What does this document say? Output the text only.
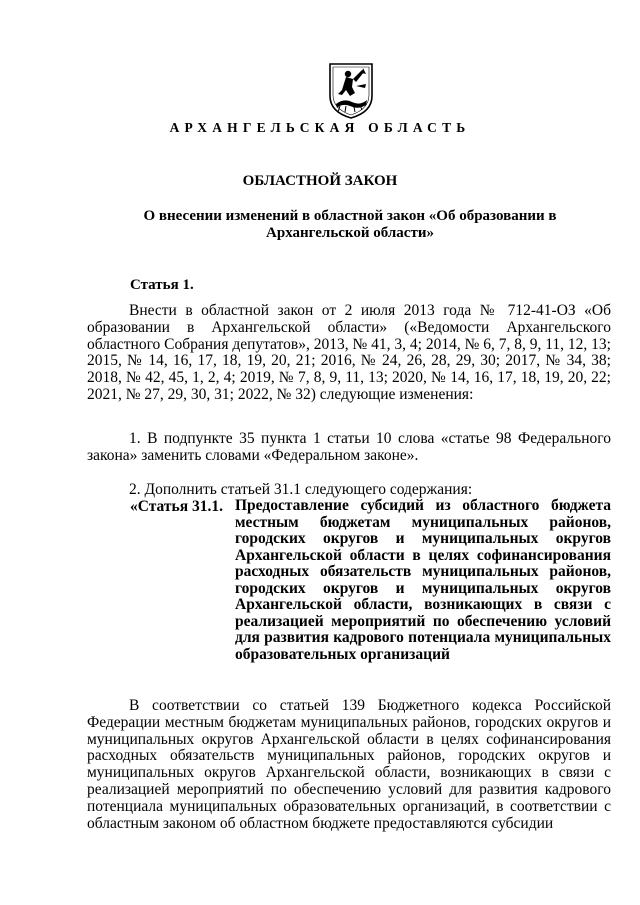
АРХАНГЕЛЬСКАЯ ОБЛАСТЬ
ОБЛАСТНОЙ ЗАКОН
О внесении изменений в областной закон «Об образовании в Архангельской области»
Статья 1.
Внести в областной закон от 2 июля 2013 года № 712-41-ОЗ «Об образовании в Архангельской области» («Ведомости Архангельского областного Собрания депутатов», 2013, № 41, 3, 4; 2014, № 6, 7, 8, 9, 11, 12, 13; 2015, № 14, 16, 17, 18, 19, 20, 21; 2016, № 24, 26, 28, 29, 30; 2017, № 34, 38; 2018, № 42, 45, 1, 2, 4; 2019, № 7, 8, 9, 11, 13; 2020, № 14, 16, 17, 18, 19, 20, 22; 2021, № 27, 29, 30, 31; 2022, № 32) следующие изменения:
1. В подпункте 35 пункта 1 статьи 10 слова «статье 98 Федерального закона» заменить словами «Федеральном законе».
2. Дополнить статьей 31.1 следующего содержания:
«Статья 31.1. Предоставление субсидий из областного бюджета местным бюджетам муниципальных районов, городских округов и муниципальных округов Архангельской области в целях софинансирования расходных обязательств муниципальных районов, городских округов и муниципальных округов Архангельской области, возникающих в связи с реализацией мероприятий по обеспечению условий для развития кадрового потенциала муниципальных образовательных организаций
В соответствии со статьей 139 Бюджетного кодекса Российской Федерации местным бюджетам муниципальных районов, городских округов и муниципальных округов Архангельской области в целях софинансирования расходных обязательств муниципальных районов, городских округов и муниципальных округов Архангельской области, возникающих в связи с реализацией мероприятий по обеспечению условий для развития кадрового потенциала муниципальных образовательных организаций, в соответствии с областным законом об областном бюджете предоставляются субсидии
